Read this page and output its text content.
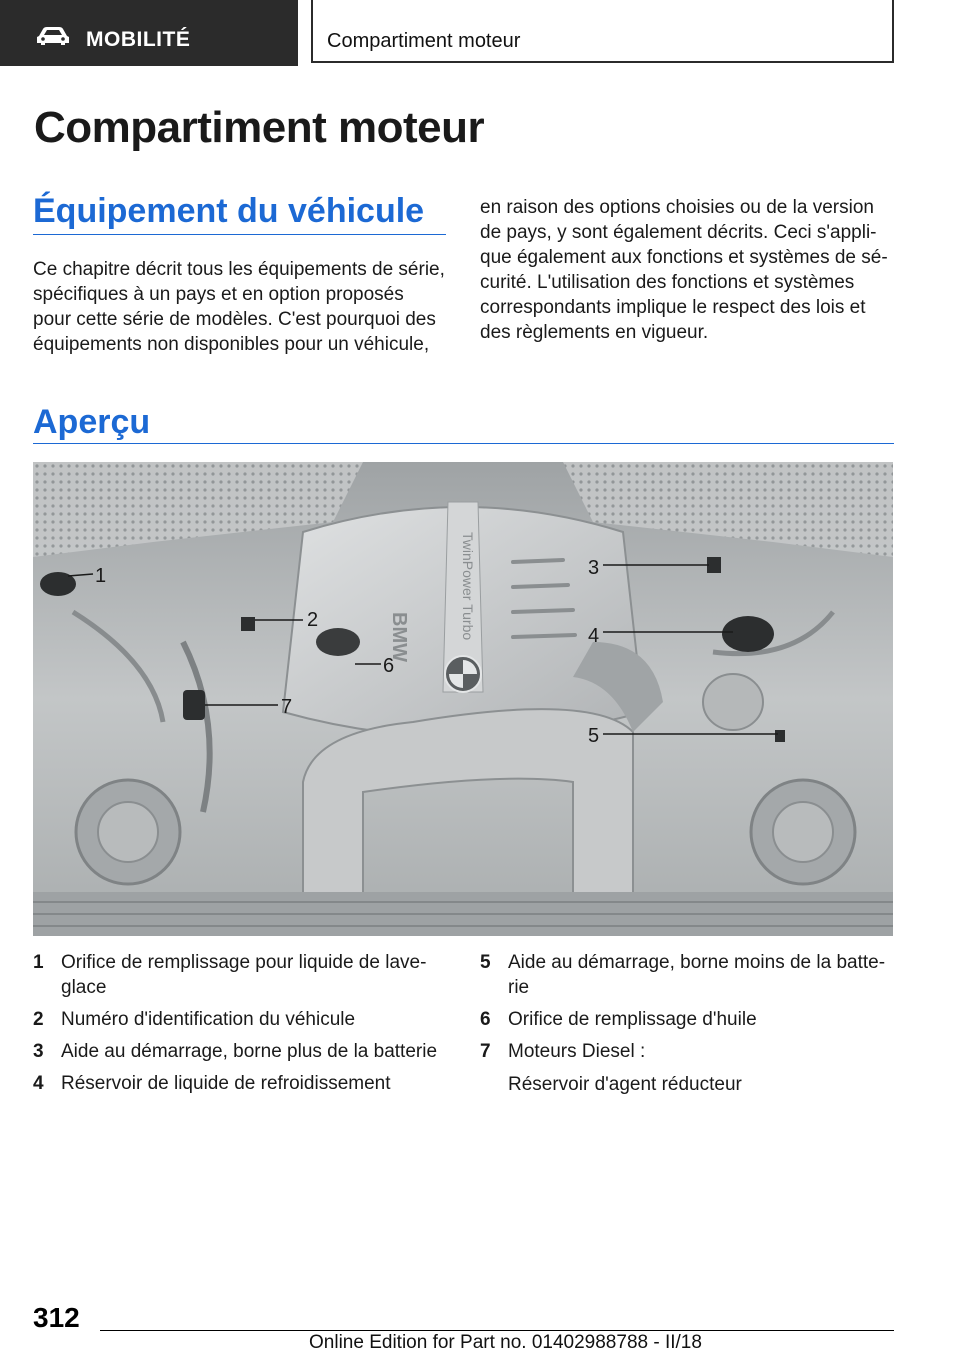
MOBILITÉ	Compartiment moteur
Compartiment moteur
Équipement du véhicule

Ce chapitre décrit tous les équipements de série, spécifiques à un pays et en option proposés pour cette série de modèles. C'est pourquoi des équipements non disponibles pour un véhicule,

en raison des options choisies ou de la version de pays, y sont également décrits. Ceci s'appli-que également aux fonctions et systèmes de sé-curité. L'utilisation des fonctions et systèmes correspondants implique le respect des lois et des règlements en vigueur.

Aperçu
BMW	TwinPower Turbo
1
2
3
4
5
6
7
1 Orifice de remplissage pour liquide de lave-glace
2 Numéro d'identification du véhicule
3 Aide au démarrage, borne plus de la batterie
4 Réservoir de liquide de refroidissement
5 Aide au démarrage, borne moins de la batte-rie
6 Orifice de remplissage d'huile
7 Moteurs Diesel :
Réservoir d'agent réducteur
312
Online Edition for Part no. 01402988788 - II/18
